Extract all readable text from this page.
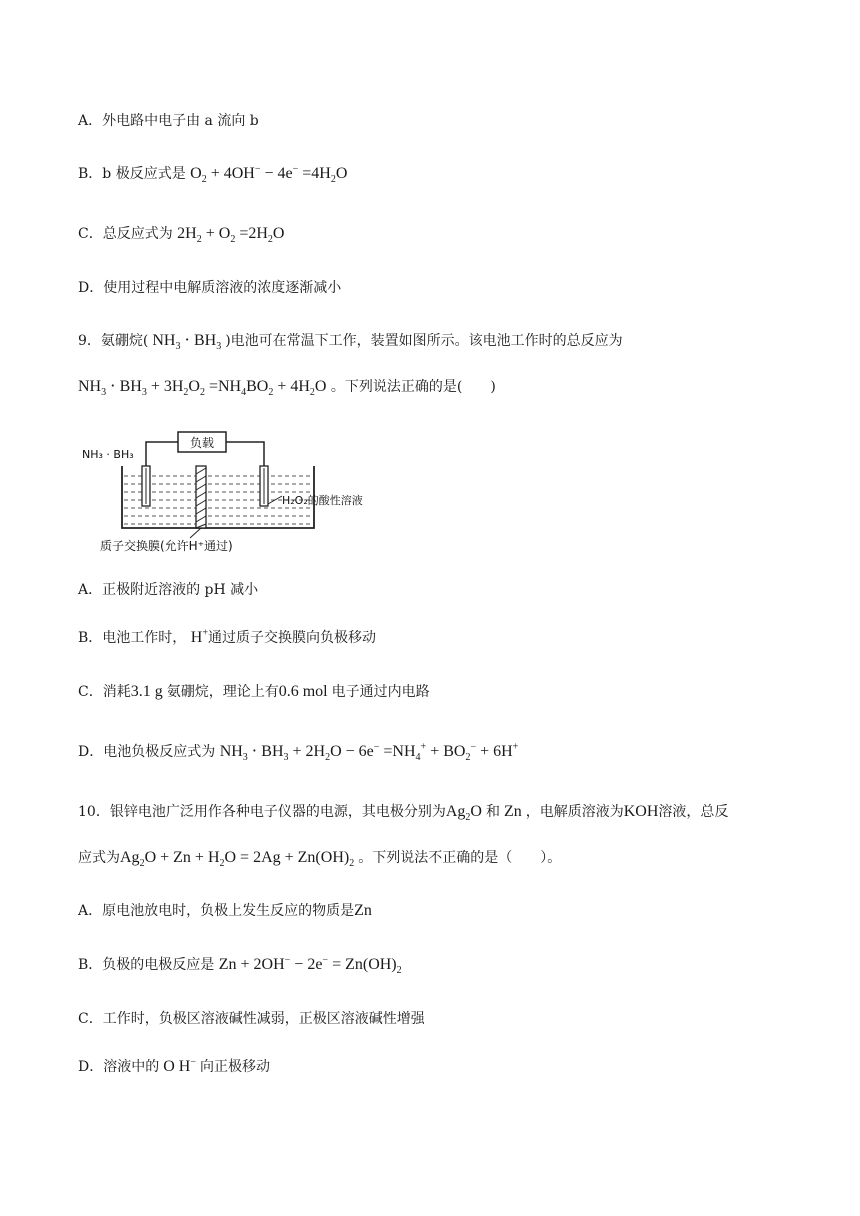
A．外电路中电子由 a 流向 b
B．b 极反应式是 $O_2 + 4OH^- - 4e^- =4H_2O$
C．总反应式为 $2H_2 + O_2 =2H_2O$
D．使用过程中电解质溶液的浓度逐渐减小
9．氨硼烷( $NH_3 \cdot BH_3$ )电池可在常温下工作，装置如图所示。该电池工作时的总反应为
$NH_3 \cdot BH_3 + 3H_2O_2 =NH_4BO_2 + 4H_2O$ 。下列说法正确的是(　　)
负载
NH₃ · BH₃
H₂O₂的酸性溶液
质子交换膜(允许H⁺通过)
A．正极附近溶液的 pH 减小
B．电池工作时， H+通过质子交换膜向负极移动
C．消耗3.1 g 氨硼烷，理论上有0.6 mol 电子通过内电路
D．电池负极反应式为 $NH_3 \cdot BH_3 + 2H_2O - 6e^- =NH_4^+ + BO_2^- + 6H^+$
10．银锌电池广泛用作各种电子仪器的电源，其电极分别为$Ag_2O$ 和 Zn ，电解质溶液为KOH溶液，总反
应式为$Ag_2O + Zn + H_2O = 2Ag + Zn(OH)_2$ 。下列说法不正确的是（　　）。
A．原电池放电时，负极上发生反应的物质是Zn
B．负极的电极反应是 $Zn + 2OH^- - 2e^- = Zn(OH)_2$
C．工作时，负极区溶液碱性减弱，正极区溶液碱性增强
D．溶液中的 O H− 向正极移动
